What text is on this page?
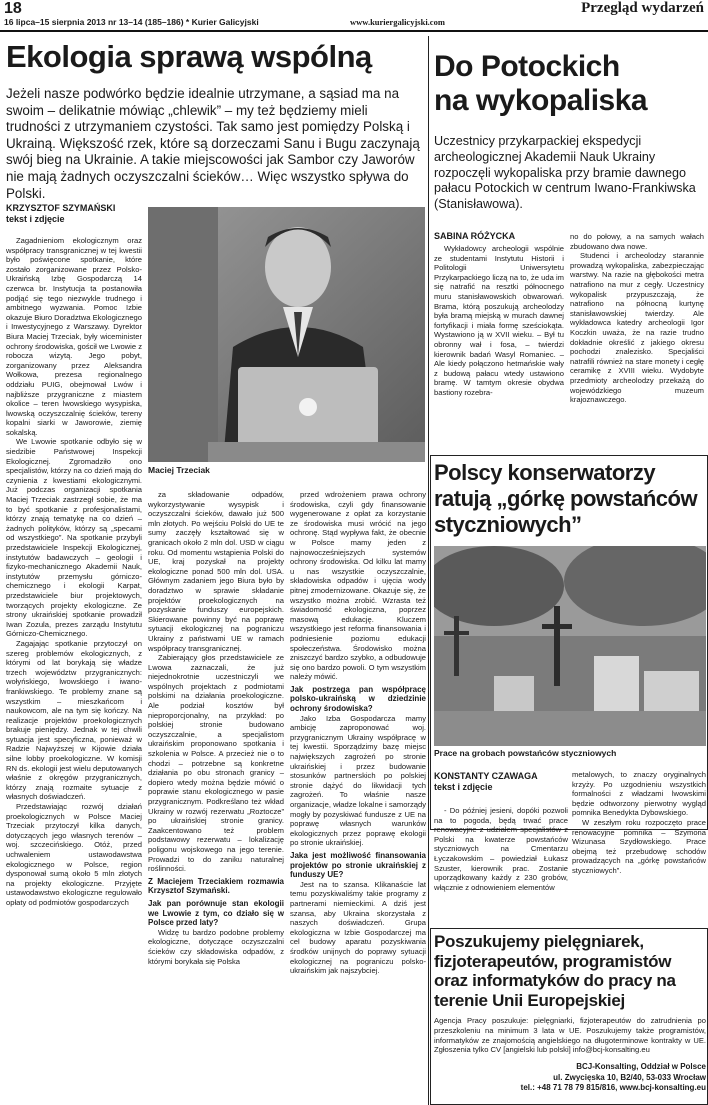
18
16 lipca–15 sierpnia 2013 nr 13–14 (185–186) * Kurier Galicyjski	www.kuriergalicyjski.com
Przegląd wydarzeń
Ekologia sprawą wspólną
Jeżeli nasze podwórko będzie idealnie utrzymane, a sąsiad ma na swoim – delikatnie mówiąc „chlewik” – my też będziemy mieli trudności z utrzymaniem czystości. Tak samo jest pomiędzy Polską i Ukrainą. Większość rzek, które są dorzeczami Sanu i Bugu zaczynają swój bieg na Ukrainie. A takie miejscowości jak Sambor czy Jaworów nie mają żadnych oczyszczalni ścieków… Więc wszystko spływa do Polski.
KRZYSZTOF SZYMAŃSKI
tekst i zdjęcie
Maciej Trzeciak

Zagadnieniom ekologicznym oraz współpracy transgranicznej w tej kwestii było poświęcone spotkanie, które zostało zorganizowane przez Polsko-Ukraińską Izbę Gospodarczą 14 czerwca br. Instytucja ta postanowiła podjąć się tego niezwykle trudnego i ambitnego wyzwania. Pomoc Izbie okazuje Biuro Doradztwa Ekologicznego i Inwestycyjnego z Warszawy. Dyrektor Biura Maciej Trzeciak, były wiceminister ochrony środowiska, gościł we Lwowie z robocza wizytą. Jego pobyt, zorganizowany przez Aleksandra Wołkowa, prezesa regionalnego oddziału PUIG, obejmował Lwów i najbliższe przygraniczne z miastem okolice – teren lwowskiego wysypiska, lwowską oczyszczalnię ścieków, tereny kopalni siarki w Jaworowie, ziemię sokalską.

We Lwowie spotkanie odbyło się w siedzibie Państwowej Inspekcji Ekologicznej. Zgromadziło ono specjalistów, którzy na co dzień mają do czynienia z kwestiami ekologicznymi. Już podczas organizacji spotkania Maciej Trzeciak zastrzegł sobie, że ma to być spotkanie z profesjonalistami, którzy znają tematykę na co dzień – żadnych polityków, którzy są „specami od wszystkiego”. Na spotkanie przybyli przedstawiciele Inspekcji Ekologicznej, instytutów badawczych – geologii i fizyko-mechanicznego Akademii Nauk, instytutów przemysłu górniczo-chemicznego i ekologii Karpat, przedstawiciele biur projektowych, tworzących projekty ekologiczne. Ze strony ukraińskiej spotkanie prowadził Iwan Zozula, prezes zarządu Instytutu Górniczo-Chemicznego.

Zagajając spotkanie przytoczył on szereg problemów ekologicznych, z którymi od lat borykają się władze trzech województw przygranicznych: wołyńskiego, lwowskiego i iwano-frankiwskiego. Te problemy znane są wszystkim – mieszkańcom i naukowcom, ale na tym się kończy. Na realizacje projektów proekologicznych brakuje pieniędzy. Jednak w tej chwili sytuacja jest specyficzna, ponieważ w Radzie Najwyższej w Kijowie działa silne lobby proekologiczne. W komisji RN ds. ekologii jest wielu deputowanych właśnie z okręgów przygranicznych, którzy znają rozmaite sytuacje z własnych doświadczeń.

Przedstawiając rozwój działań proekologicznych w Polsce Maciej Trzeciak przytoczył kilka danych, dotyczących jego własnych terenów – woj. szczecińskiego. Otóż, przed uchwaleniem ustawodawstwa ekologicznego w Polsce, region dysponował sumą około 5 mln złotych na projekty ekologiczne. Przyjęte ustawodawstwo ekologiczne regulowało opłaty od podmiotów gospodarczych

za składowanie odpadów, wykorzystywanie wysypisk i oczyszczalni ścieków, dawało już 500 mln złotych. Po wejściu Polski do UE te sumy zaczęły kształtować się w granicach około 2 mln dol. USD w ciągu roku. Od momentu wstąpienia Polski do UE, kraj pozyskał na projekty ekologiczne ponad 500 mln dol. USA. Głównym zadaniem jego Biura było by doradztwo w sprawie składanie projektów proekologicznych na pozyskanie funduszy europejskich. Skierowane powinny być na poprawę sytuacji ekologicznej na pograniczu Ukrainy z państwami UE w ramach współpracy transgranicznej.

Zabierający głos przedstawiciele ze Lwowa zaznaczali, że już niejednokrotnie uczestniczyli we wspólnych projektach z podmiotami polskimi na działania proekologiczne. Ale podział kosztów był nieproporcjonalny, na przykład: po polskiej stronie budowano oczyszczalnie, a specjalistom ukraińskim proponowano spotkania i szkolenia w Polsce. A przecież nie o to chodzi – potrzebne są konkretne działania po obu stronach granicy – dopiero wtedy można będzie mówić o poprawie stanu ekologicznego w pasie przygranicznym. Podkreślano też wkład Ukrainy w rozwój rezerwatu „Roztocze” po ukraińskiej stronie granicy. Zaakcentowano też problem podstawowy rezerwatu – lokalizację poligonu wojskowego na jego terenie. Prowadzi to do zaniku naturalnej roślinności.

Z Maciejem Trzeciakiem rozmawia Krzysztof Szymański.
Jak pan porównuje stan ekologii we Lwowie z tym, co działo się w Polsce przed laty?

Widzę tu bardzo podobne problemy ekologiczne, dotyczące oczyszczalni ścieków czy składowiska odpadów, z którymi borykała się Polska

przed wdrożeniem prawa ochrony środowiska, czyli gdy finansowanie wygenerowane z opłat za korzystanie ze środowiska musi wrócić na jego ochronę. Stąd wypływa fakt, że obecnie w Polsce mamy jeden z najnowocześniejszych systemów ochrony środowiska. Od kilku lat mamy u nas wszystkie oczyszczalnie, składowiska odpadów i ujęcia wody pitnej zmodernizowane. Okazuje się, że wszystko można zrobić. Wzrasta też świadomość ekologiczna, poprzez masową edukację. Kluczem wszystkiego jest reforma finansowania i podniesienie poziomu edukacji społeczeństwa. Środowisko można zniszczyć bardzo szybko, a odbudowuje się ono bardzo powoli. O tym wszystkim należy mówić.

Jak postrzega pan współpracę polsko-ukraińską w dziedzinie ochrony środowiska?

Jako Izba Gospodarcza mamy ambicję zaproponować woj. przygranicznym Ukrainy współpracę w tej kwestii. Sporządzimy bazę miejsc największych zagrożeń po stronie ukraińskiej i przez budowanie stosunków partnerskich po polskiej stronie dążyć do likwidacji tych zagrożeń. To właśnie nasze organizacje, władze lokalne i samorządy mogły by pozyskiwać fundusze z UE na poprawę własnych warunków ekologicznych przez poprawę ekologii po stronie ukraińskiej.

Jaka jest możliwość finansowania projektów po stronie ukraińskiej z funduszy UE?

Jest na to szansa. Klikanaście lat temu pozyskiwaliśmy takie programy z partnerami niemieckimi. A dziś jest szansa, aby Ukraina skorzystała z naszych doświadczeń. Grupa ekologiczna w Izbie Gospodarczej ma cel budowy aparatu pozyskiwania środków unijnych do poprawy sytuacji ekologicznej na pograniczu polsko-ukraińskim jak najszybciej.

Do Potockich
na wykopaliska
Uczestnicy przykarpackiej ekspedycji archeologicznej Akademii Nauk Ukrainy rozpoczęli wykopaliska przy bramie dawnego pałacu Potockich w centrum Iwano-Frankiwska (Stanisławowa).
SABINA RÓŻYCKA

Wykładowcy archeologii wspólnie ze studentami Instytutu Historii i Politologii Uniwersytetu Przykarpackiego liczą na to, że uda im się natrafić na resztki północnego muru stanisławowskich obwarowań. Brama, którą poszukują archeolodzy była bramą miejską w murach dawnej fortyfikacji i miała formę sześciokąta. Wystawiono ją w XVII wieku. – Był tu obronny wał i fosa, – twierdzi kierownik badań Wasyl Romaniec. – Ale kiedy połączono hetmańskie wały z budową pałacu wtedy ustawiono bramę. W tamtym okresie obydwa bastiony rozebra-

no do połowy, a na samych wałach zbudowano dwa nowe.

Studenci i archeolodzy starannie prowadzą wykopaliska, zabezpieczając warstwy. Na razie na głębokości metra natrafiono na mur z cegły. Uczestnicy wykopalisk przypuszczają, że natrafiono na północną kurtynę stanisławowskiej twierdzy. Ale wykładowca katedry archeologii Igor Koczkin uważa, że na razie trudno dokładnie określić z jakiego okresu pochodzi znalezisko. Specjaliści natrafili również na stare monety i cegłę ceramikę z XVIII wieku. Wydobyte przedmioty archeolodzy przekażą do wojewódzkiego muzeum krajoznawczego.

Polscy konserwatorzy ratują „górkę powstańców styczniowych”
Prace na grobach powstańców styczniowych
KONSTANTY CZAWAGA
tekst i zdjęcie

- Do później jesieni, dopóki pozwoli na to pogoda, będą trwać prace renowacyjne z udziałem specjalistów z Polski na kwaterze powstańców styczniowych na Cmentarzu Łyczakowskim – powiedział Łukasz Szuster, kierownik prac. Zostanie uporządkowany każdy z 230 grobów, włącznie z odnowieniem elementów

metalowych, to znaczy oryginalnych krzyży. Po uzgodnieniu wszystkich formalności z władzami lwowskimi będzie odtworzony pierwotny wygląd pomnika Benedykta Dybowskiego.

W zeszłym roku rozpoczęto prace renowacyjne pomnika – Szymona Wizunasa Szydłowskiego. Prace obejmą też przebudowę schodów prowadzących na „górkę powstańców styczniowych”.

Poszukujemy pielęgniarek, fizjoterapeutów, programistów oraz informatyków do pracy na terenie Unii Europejskiej
Agencja Pracy poszukuje: pielęgniarki, fizjoterapeutów do zatrudnienia po przeszkoleniu na minimum 3 lata w UE. Poszukujemy także programistów, informatyków ze znajomością angielskiego na długoterminowe kontrakty w UE. Zgłoszenia tylko CV [angielski lub polski] info@bcj-konsalting.eu
BCJ-Konsalting, Oddział w Polsce
ul. Zwycięska 10, B2/40, 53-033 Wrocław
tel.: +48 71 78 79 815/816, www.bcj-konsalting.eu
